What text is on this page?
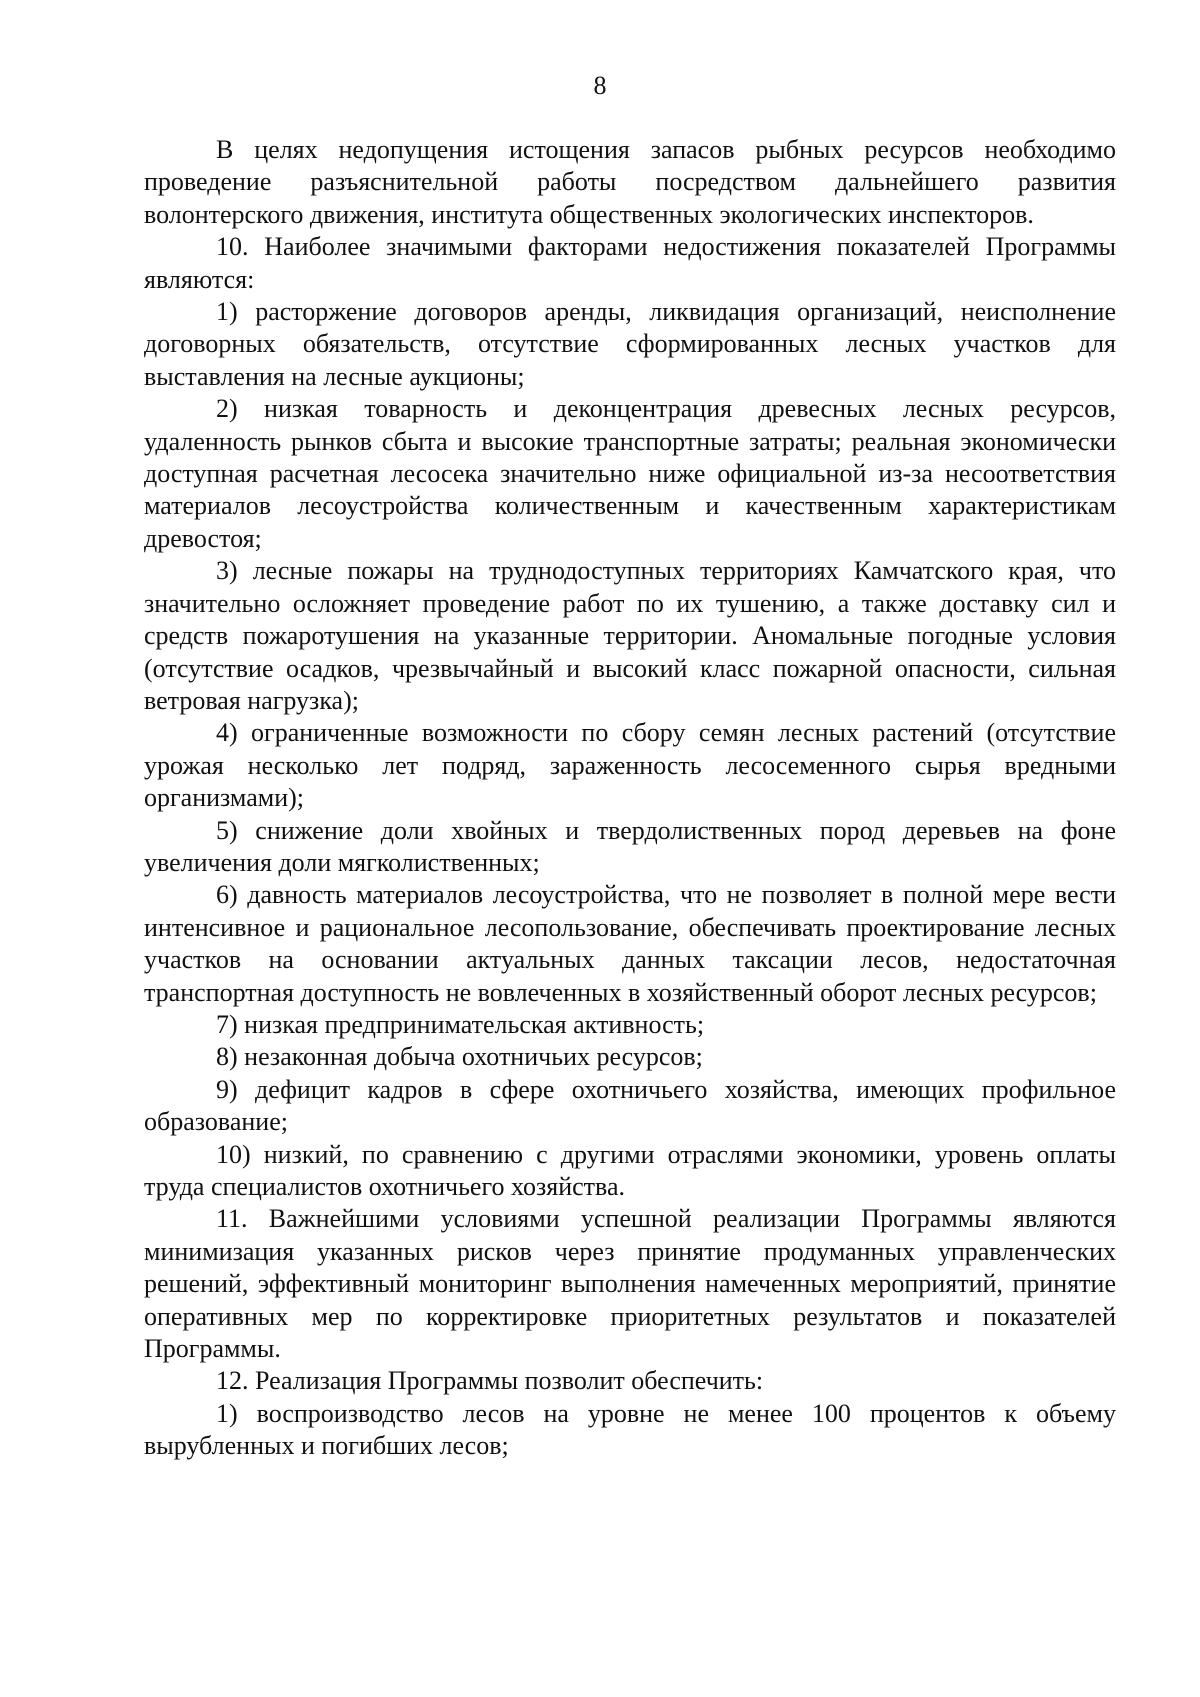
8

В целях недопущения истощения запасов рыбных ресурсов необходимо проведение разъяснительной работы посредством дальнейшего развития волонтерского движения, института общественных экологических инспекторов.

10. Наиболее значимыми факторами недостижения показателей Программы являются:

1) расторжение договоров аренды, ликвидация организаций, неисполнение договорных обязательств, отсутствие сформированных лесных участков для выставления на лесные аукционы;

2) низкая товарность и деконцентрация древесных лесных ресурсов, удаленность рынков сбыта и высокие транспортные затраты; реальная экономически доступная расчетная лесосека значительно ниже официальной из-за несоответствия материалов лесоустройства количественным и качественным характеристикам древостоя;

3) лесные пожары на труднодоступных территориях Камчатского края, что значительно осложняет проведение работ по их тушению, а также доставку сил и средств пожаротушения на указанные территории. Аномальные погодные условия (отсутствие осадков, чрезвычайный и высокий класс пожарной опасности, сильная ветровая нагрузка);

4) ограниченные возможности по сбору семян лесных растений (отсутствие урожая несколько лет подряд, зараженность лесосеменного сырья вредными организмами);

5) снижение доли хвойных и твердолиственных пород деревьев на фоне увеличения доли мягколиственных;

6) давность материалов лесоустройства, что не позволяет в полной мере вести интенсивное и рациональное лесопользование, обеспечивать проектирование лесных участков на основании актуальных данных таксации лесов, недостаточная транспортная доступность не вовлеченных в хозяйственный оборот лесных ресурсов;

7) низкая предпринимательская активность;

8) незаконная добыча охотничьих ресурсов;

9) дефицит кадров в сфере охотничьего хозяйства, имеющих профильное образование;

10) низкий, по сравнению с другими отраслями экономики, уровень оплаты труда специалистов охотничьего хозяйства.

11. Важнейшими условиями успешной реализации Программы являются минимизация указанных рисков через принятие продуманных управленческих решений, эффективный мониторинг выполнения намеченных мероприятий, принятие оперативных мер по корректировке приоритетных результатов и показателей Программы.

12. Реализация Программы позволит обеспечить:

1) воспроизводство лесов на уровне не менее 100 процентов к объему вырубленных и погибших лесов;
